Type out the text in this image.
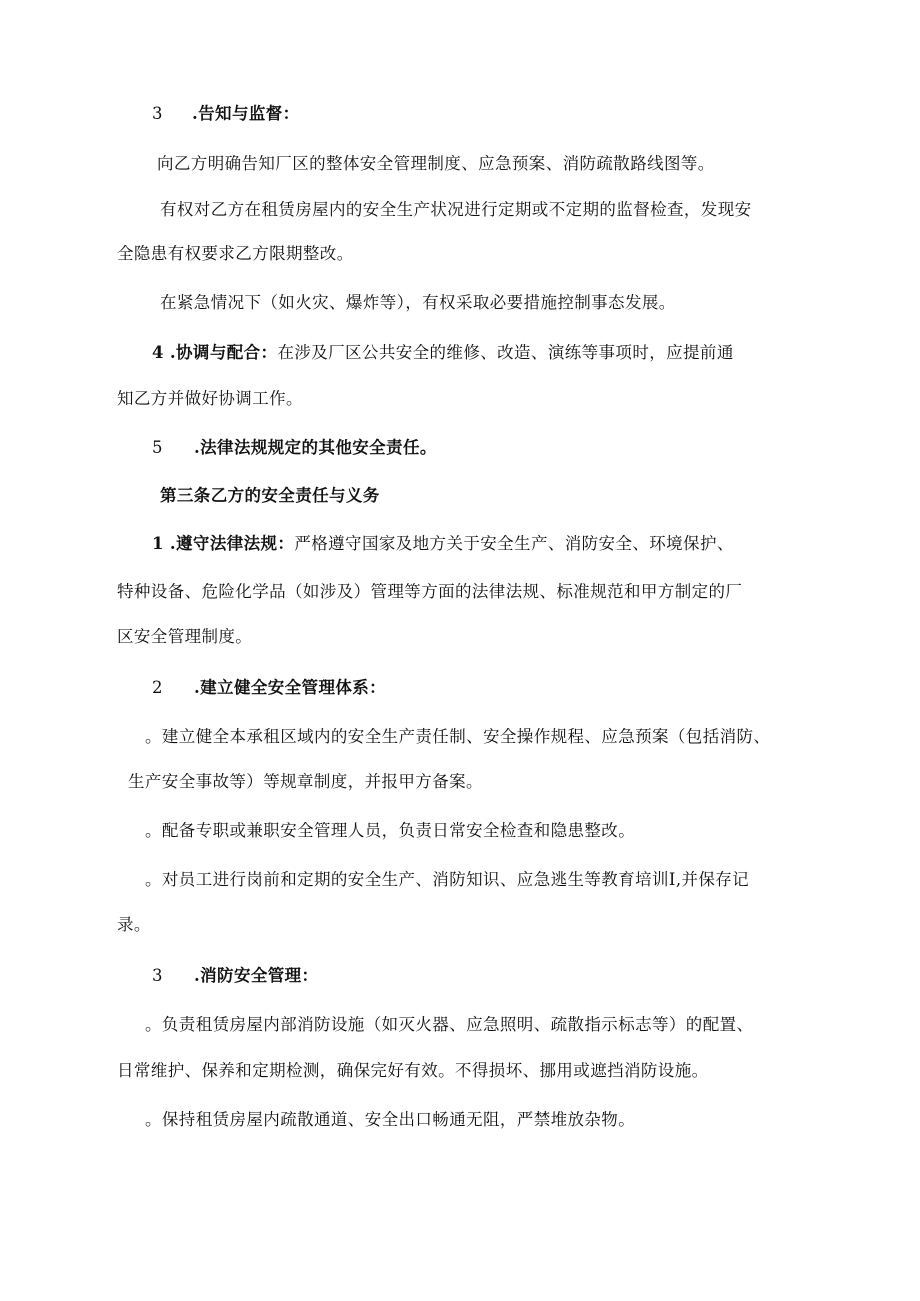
3 .告知与监督：
向乙方明确告知厂区的整体安全管理制度、应急预案、消防疏散路线图等。
有权对乙方在租赁房屋内的安全生产状况进行定期或不定期的监督检查，发现安
全隐患有权要求乙方限期整改。
在紧急情况下（如火灾、爆炸等），有权采取必要措施控制事态发展。
4 .协调与配合：在涉及厂区公共安全的维修、改造、演练等事项时，应提前通
知乙方并做好协调工作。
5 .法律法规规定的其他安全责任。
第三条乙方的安全责任与义务
1 .遵守法律法规：严格遵守国家及地方关于安全生产、消防安全、环境保护、
特种设备、危险化学品（如涉及）管理等方面的法律法规、标准规范和甲方制定的厂
区安全管理制度。
2 .建立健全安全管理体系：
。建立健全本承租区域内的安全生产责任制、安全操作规程、应急预案（包括消防、
生产安全事故等）等规章制度，并报甲方备案。
。配备专职或兼职安全管理人员，负责日常安全检查和隐患整改。
。对员工进行岗前和定期的安全生产、消防知识、应急逃生等教育培训I,并保存记
录。
3 .消防安全管理：
。负责租赁房屋内部消防设施（如灭火器、应急照明、疏散指示标志等）的配置、
日常维护、保养和定期检测，确保完好有效。不得损坏、挪用或遮挡消防设施。
。保持租赁房屋内疏散通道、安全出口畅通无阻，严禁堆放杂物。
